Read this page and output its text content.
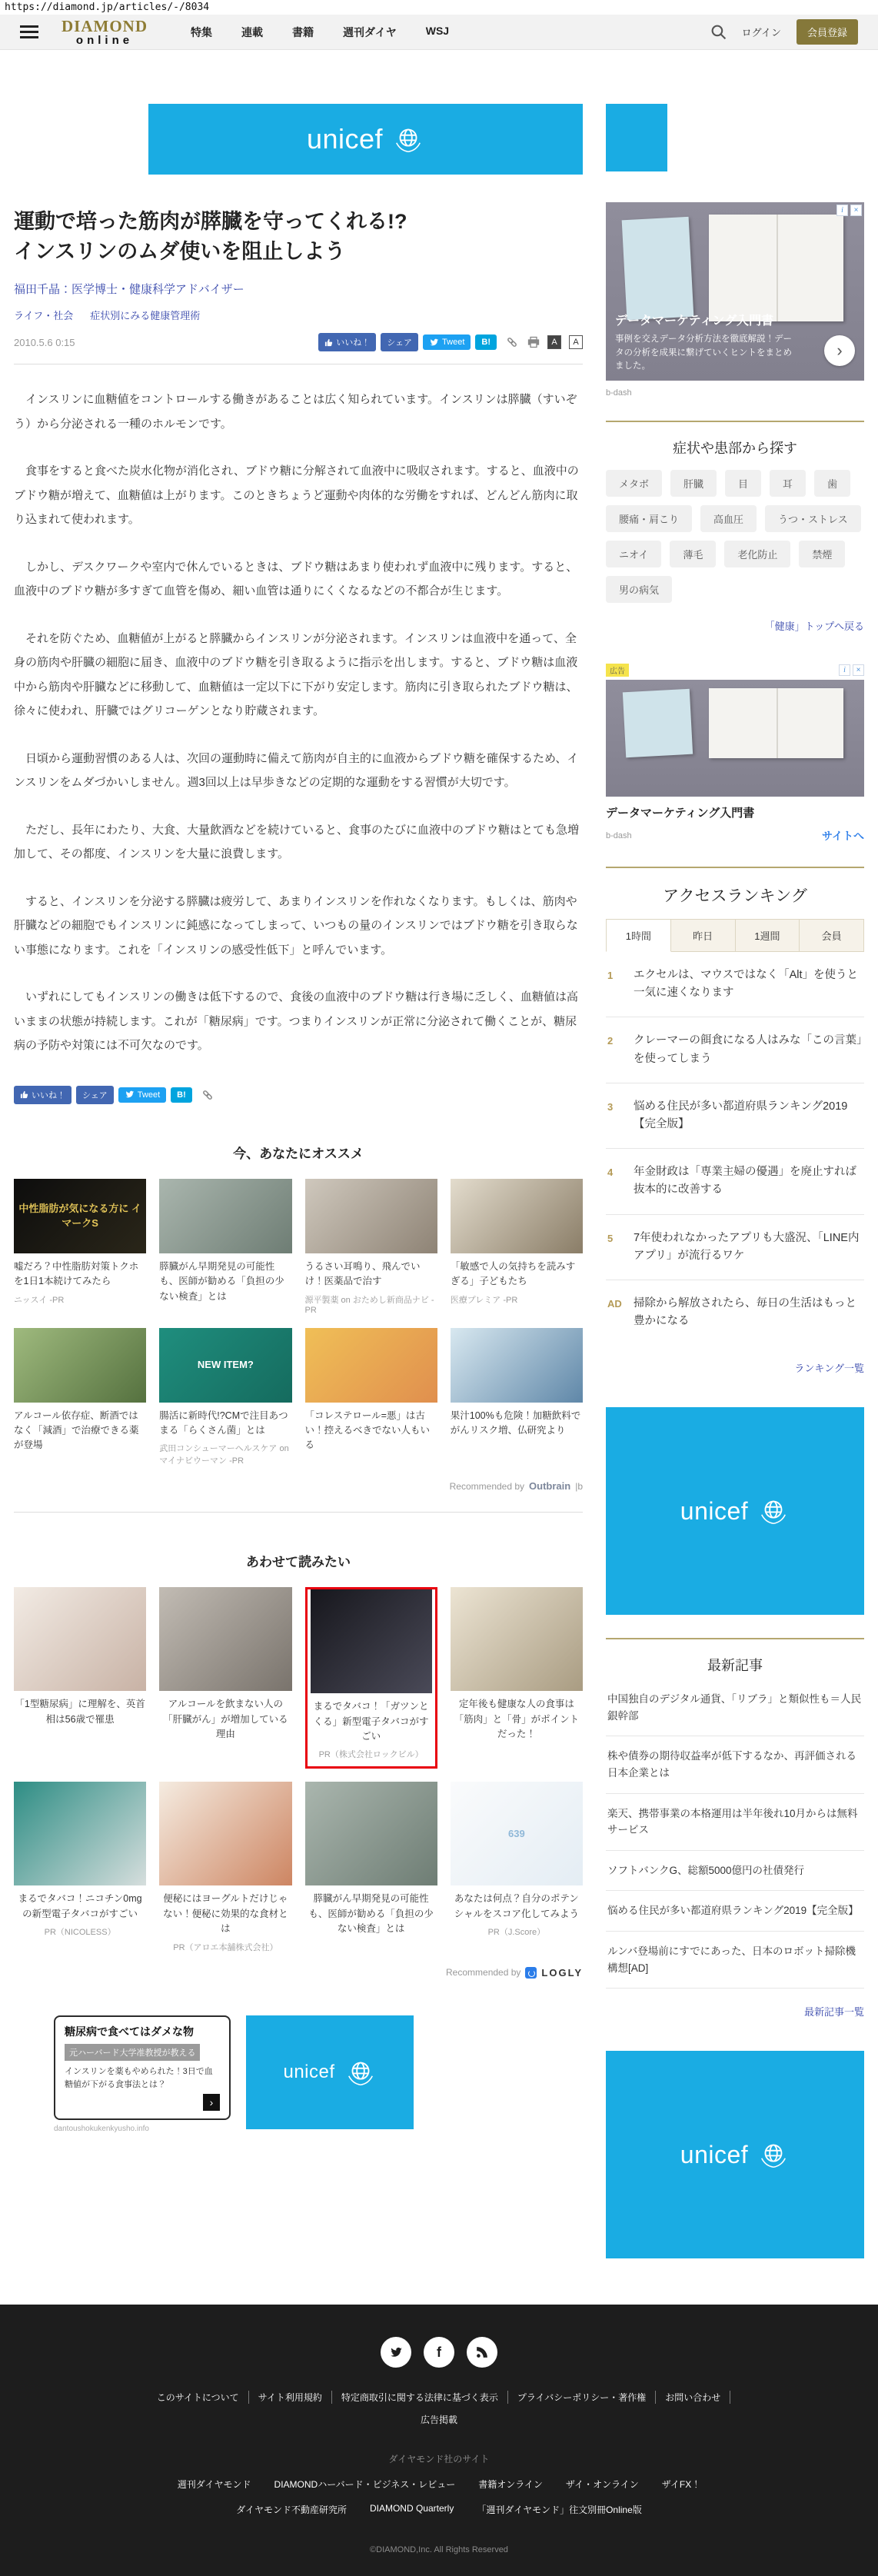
https://diamond.jp/articles/-/8034
DIAMOND
online
特集	連載	書籍	週刊ダイヤ	WSJ	ログイン	会員登録
unicef
運動で培った筋肉が膵臓を守ってくれる!?
インスリンのムダ使いを阻止しよう
福田千晶：医学博士・健康科学アドバイザー
ライフ・社会 症状別にみる健康管理術
2010.5.6 0:15	いいね！	シェア	Tweet	B!	A	A

　インスリンに血糖値をコントロールする働きがあることは広く知られています。インスリンは膵臓（すいぞう）から分泌される一種のホルモンです。

　食事をすると食べた炭水化物が消化され、ブドウ糖に分解されて血液中に吸収されます。すると、血液中のブドウ糖が増えて、血糖値は上がります。このときちょうど運動や肉体的な労働をすれば、どんどん筋肉に取り込まれて使われます。

　しかし、デスクワークや室内で休んでいるときは、ブドウ糖はあまり使われず血液中に残ります。すると、血液中のブドウ糖が多すぎて血管を傷め、細い血管は通りにくくなるなどの不都合が生じます。

　それを防ぐため、血糖値が上がると膵臓からインスリンが分泌されます。インスリンは血液中を通って、全身の筋肉や肝臓の細胞に届き、血液中のブドウ糖を引き取るように指示を出します。すると、ブドウ糖は血液中から筋肉や肝臓などに移動して、血糖値は一定以下に下がり安定します。筋肉に引き取られたブドウ糖は、徐々に使われ、肝臓ではグリコーゲンとなり貯蔵されます。

　日頃から運動習慣のある人は、次回の運動時に備えて筋肉が自主的に血液からブドウ糖を確保するため、インスリンをムダづかいしません。週3回以上は早歩きなどの定期的な運動をする習慣が大切です。

　ただし、長年にわたり、大食、大量飲酒などを続けていると、食事のたびに血液中のブドウ糖はとても急増加して、その都度、インスリンを大量に浪費します。

　すると、インスリンを分泌する膵臓は疲労して、あまりインスリンを作れなくなります。もしくは、筋肉や肝臓などの細胞でもインスリンに鈍感になってしまって、いつもの量のインスリンではブドウ糖を引き取らない事態になります。これを「インスリンの感受性低下」と呼んでいます。

　いずれにしてもインスリンの働きは低下するので、食後の血液中のブドウ糖は行き場に乏しく、血糖値は高いままの状態が持続します。これが「糖尿病」です。つまりインスリンが正常に分泌されて働くことが、糖尿病の予防や対策には不可欠なのです。

いいね！	シェア	Tweet	B!
今、あなたにオススメ
中性脂肪が気になる方に イマークS
嘘だろ？中性脂肪対策トクホを1日1本続けてみたら
ニッスイ -PR
膵臓がん早期発見の可能性も、医師が勧める「負担の少ない検査」とは
うるさい耳鳴り、飛んでいけ！医薬品で治す
源平製薬 on おためし新商品ナビ -PR
「敏感で人の気持ちを読みすぎる」子どもたち
医療プレミア -PR
アルコール依存症、断酒ではなく「減酒」で治療できる薬が登場
NEW ITEM?
腸活に新時代!?CMで注目あつまる「らくさん菌」とは
武田コンシューマーヘルスケア on マイナビウーマン -PR
「コレステロール=悪」は古い！控えるべきでない人もいる
果汁100%も危険！加糖飲料でがんリスク増、仏研究より
Recommended by Outbrain |b
あわせて読みたい
「1型糖尿病」に理解を、英首相は56歳で罹患
アルコールを飲まない人の「肝臓がん」が増加している理由
まるでタバコ！「ガツンとくる」新型電子タバコがすごい
PR（株式会社ロックビル）
定年後も健康な人の食事は「筋肉」と「骨」がポイントだった！
まるでタバコ！ニコチン0mgの新型電子タバコがすごい
PR（NICOLESS）
便秘にはヨーグルトだけじゃない！便秘に効果的な食材とは
PR（アロエ本舗株式会社）
膵臓がん早期発見の可能性も、医師が勧める「負担の少ない検査」とは
639
あなたは何点？自分のポテンシャルをスコア化してみよう
PR（J.Score）
Recommended by LOGLY
糖尿病で食べてはダメな物
元ハーバード大学准教授が教える
インスリンを薬もやめられた！3日で血糖値が下がる食事法とは？
›
dantoushokukenkyusho.info
unicef
i	×
データマーケティング入門書
事例を交えデータ分析方法を徹底解説！データの分析を成果に繋げていくヒントをまとめました。
›
b-dash
症状や患部から探す
メタボ	肝臓	目	耳	歯
腰痛・肩こり	高血圧	うつ・ストレス
ニオイ	薄毛	老化防止	禁煙
男の病気
「健康」トップへ戻る
広告	i	×
データマーケティング入門書
b-dash	サイトへ
アクセスランキング
1時間	昨日	1週間	会員
1	エクセルは、マウスではなく「Alt」を使うと一気に速くなります
2	クレーマーの餌食になる人はみな「この言葉」を使ってしまう
3	悩める住民が多い都道府県ランキング2019【完全版】
4	年金財政は「専業主婦の優遇」を廃止すれば抜本的に改善する
5	7年使われなかったアプリも大盛況、「LINE内アプリ」が流行るワケ
AD 掃除から解放されたら、毎日の生活はもっと豊かになる
ランキング一覧
unicef
最新記事
中国独自のデジタル通貨、「リブラ」と類似性も＝人民銀幹部
株や債券の期待収益率が低下するなか、再評価される日本企業とは
楽天、携帯事業の本格運用は半年後れ10月からは無料サービス
ソフトバンクG、総額5000億円の社債発行
悩める住民が多い都道府県ランキング2019【完全版】
ルンバ登場前にすでにあった、日本のロボット掃除機構想[AD]
最新記事一覧
unicef
f
このサイトについて	サイト利用規約	特定商取引に関する法律に基づく表示	プライバシーポリシー・著作権	お問い合わせ
広告掲載
ダイヤモンド社のサイト
週刊ダイヤモンド	DIAMONDハーバード・ビジネス・レビュー	書籍オンライン	ザイ・オンライン	ザイFX！
ダイヤモンド不動産研究所	DIAMOND Quarterly	「週刊ダイヤモンド」往文別冊Online版
©DIAMOND,Inc. All Rights Reserved
